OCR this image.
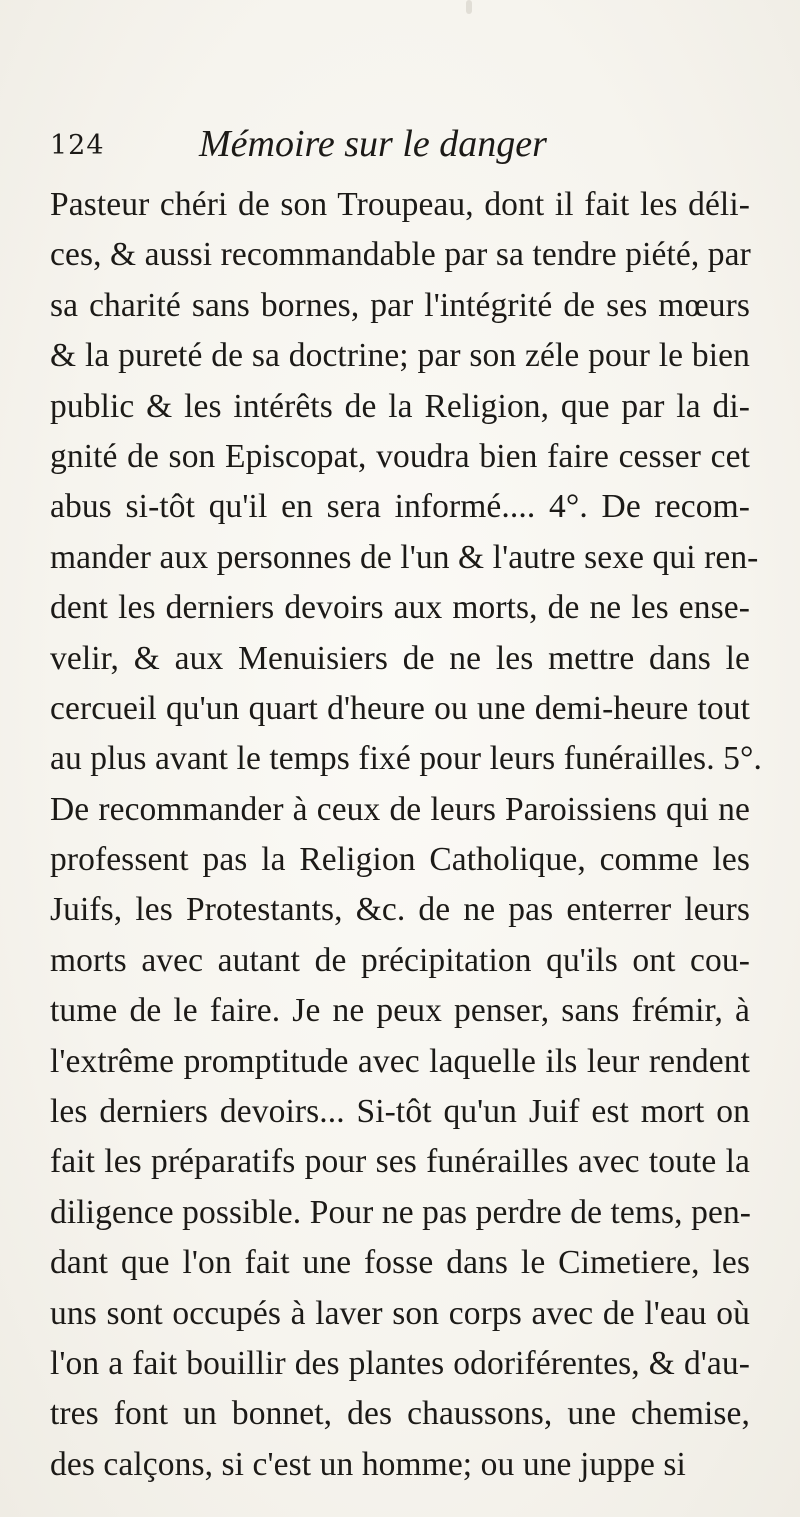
124 Mémoire sur le danger
Pasteur chéri de son Troupeau, dont il fait les déli-
ces, & aussi recommandable par sa tendre piété, par
sa charité sans bornes, par l'intégrité de ses mœurs
& la pureté de sa doctrine; par son zéle pour le bien
public & les intérêts de la Religion, que par la di-
gnité de son Episcopat, voudra bien faire cesser cet
abus si-tôt qu'il en sera informé.... 4°. De recom-
mander aux personnes de l'un & l'autre sexe qui ren-
dent les derniers devoirs aux morts, de ne les ense-
velir, & aux Menuisiers de ne les mettre dans le
cercueil qu'un quart d'heure ou une demi-heure tout
au plus avant le temps fixé pour leurs funérailles. 5°.
De recommander à ceux de leurs Paroissiens qui ne
professent pas la Religion Catholique, comme les
Juifs, les Protestants, &c. de ne pas enterrer leurs
morts avec autant de précipitation qu'ils ont cou-
tume de le faire. Je ne peux penser, sans frémir, à
l'extrême promptitude avec laquelle ils leur rendent
les derniers devoirs... Si-tôt qu'un Juif est mort on
fait les préparatifs pour ses funérailles avec toute la
diligence possible. Pour ne pas perdre de tems, pen-
dant que l'on fait une fosse dans le Cimetiere, les
uns sont occupés à laver son corps avec de l'eau où
l'on a fait bouillir des plantes odoriférentes, & d'au-
tres font un bonnet, des chaussons, une chemise,
des calçons, si c'est un homme; ou une juppe si
